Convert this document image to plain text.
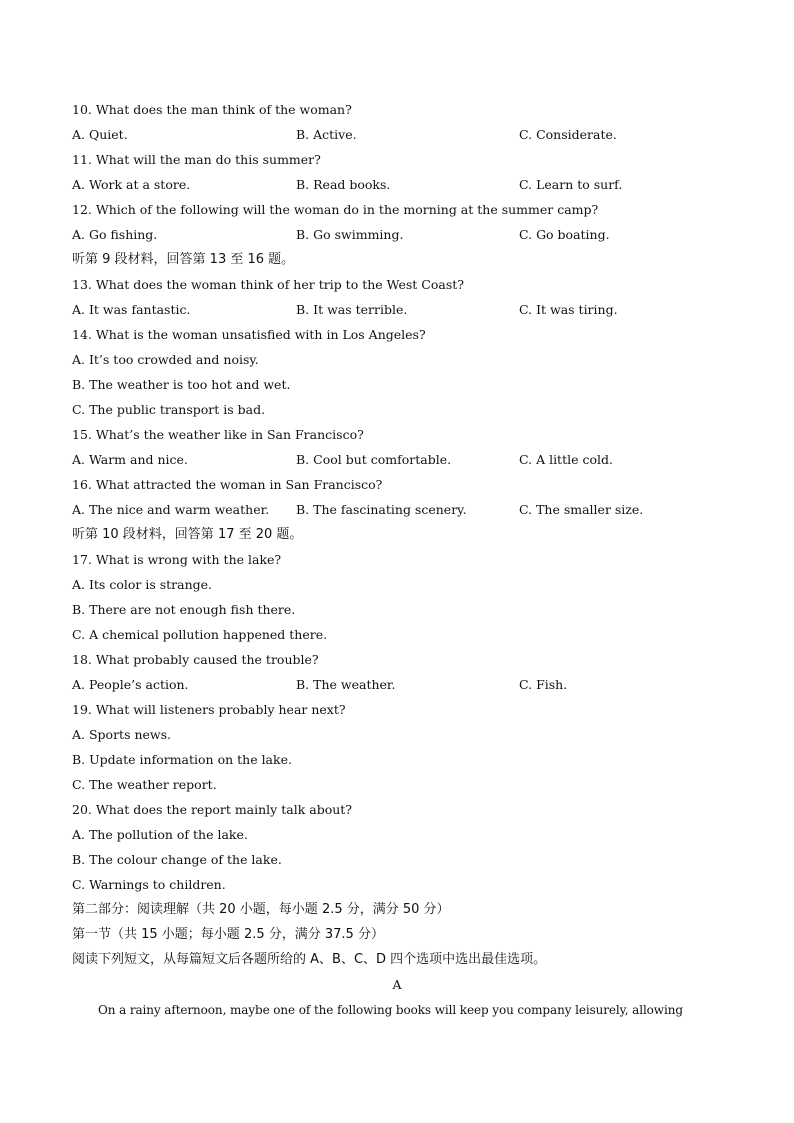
10. What does the man think of the woman?
A. Quiet.	B. Active.	C. Considerate.
11. What will the man do this summer?
A. Work at a store.	B. Read books.	C. Learn to surf.
12. Which of the following will the woman do in the morning at the summer camp?
A. Go fishing.	B. Go swimming.	C. Go boating.
听第 9 段材料，回答第 13 至 16 题。
13. What does the woman think of her trip to the West Coast?
A. It was fantastic.	B. It was terrible.	C. It was tiring.
14. What is the woman unsatisfied with in Los Angeles?
A. It’s too crowded and noisy.
B. The weather is too hot and wet.
C. The public transport is bad.
15. What’s the weather like in San Francisco?
A. Warm and nice.	B. Cool but comfortable.	C. A little cold.
16. What attracted the woman in San Francisco?
A. The nice and warm weather. B. The fascinating scenery.	C. The smaller size.
听第 10 段材料，回答第 17 至 20 题。
17. What is wrong with the lake?
A. Its color is strange.
B. There are not enough fish there.
C. A chemical pollution happened there.
18. What probably caused the trouble?
A. People’s action.	B. The weather.	C. Fish.
19. What will listeners probably hear next?
A. Sports news.
B. Update information on the lake.
C. The weather report.
20. What does the report mainly talk about?
A. The pollution of the lake.
B. The colour change of the lake.
C. Warnings to children.
第二部分：阅读理解（共 20 小题，每小题 2.5 分，满分 50 分）
第一节（共 15 小题；每小题 2.5 分，满分 37.5 分）
阅读下列短文，从每篇短文后各题所给的 A、B、C、D 四个选项中选出最佳选项。
A
On a rainy afternoon, maybe one of the following books will keep you company leisurely, allowing
